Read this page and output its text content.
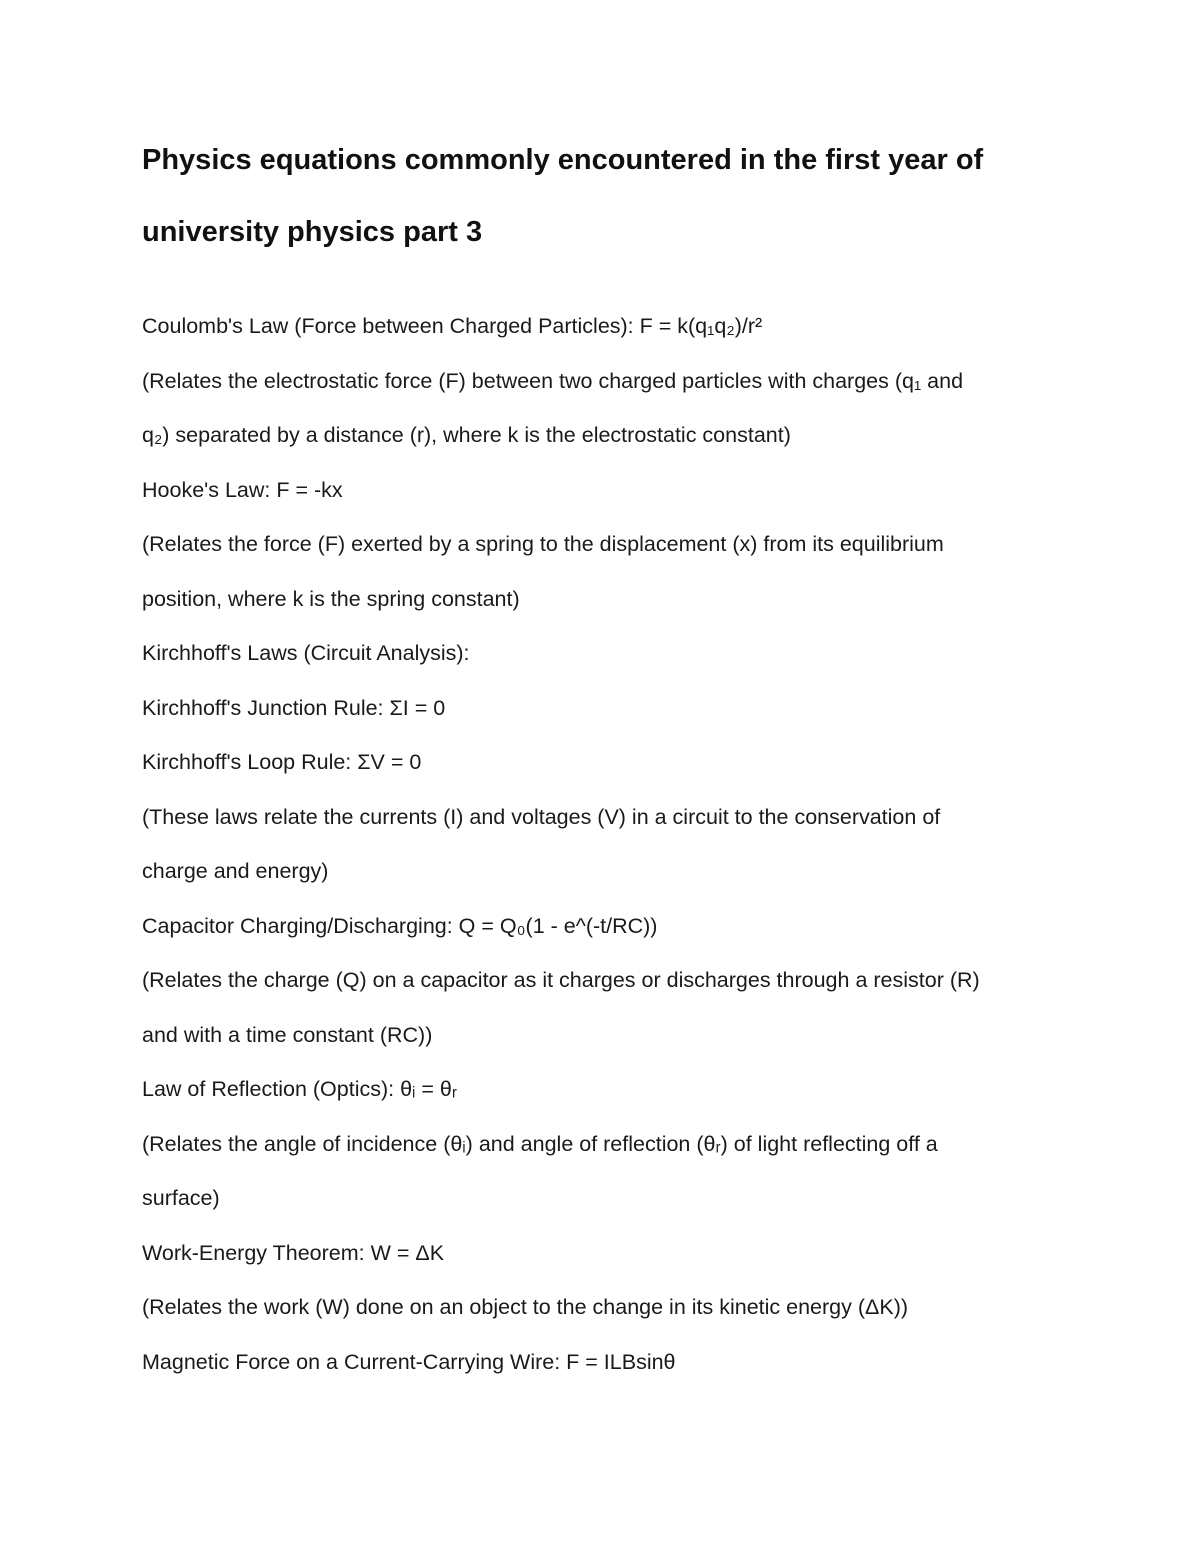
Physics equations commonly encountered in the first year of university physics part 3

Coulomb's Law (Force between Charged Particles): F = k(q₁q₂)/r²

(Relates the electrostatic force (F) between two charged particles with charges (q₁ and

q₂) separated by a distance (r), where k is the electrostatic constant)

Hooke's Law: F = -kx

(Relates the force (F) exerted by a spring to the displacement (x) from its equilibrium

position, where k is the spring constant)

Kirchhoff's Laws (Circuit Analysis):

Kirchhoff's Junction Rule: ΣI = 0

Kirchhoff's Loop Rule: ΣV = 0

(These laws relate the currents (I) and voltages (V) in a circuit to the conservation of

charge and energy)

Capacitor Charging/Discharging: Q = Q₀(1 - e^(-t/RC))

(Relates the charge (Q) on a capacitor as it charges or discharges through a resistor (R)

and with a time constant (RC))

Law of Reflection (Optics): θᵢ = θᵣ

(Relates the angle of incidence (θᵢ) and angle of reflection (θᵣ) of light reflecting off a

surface)

Work-Energy Theorem: W = ΔK

(Relates the work (W) done on an object to the change in its kinetic energy (ΔK))

Magnetic Force on a Current-Carrying Wire: F = ILBsinθ
